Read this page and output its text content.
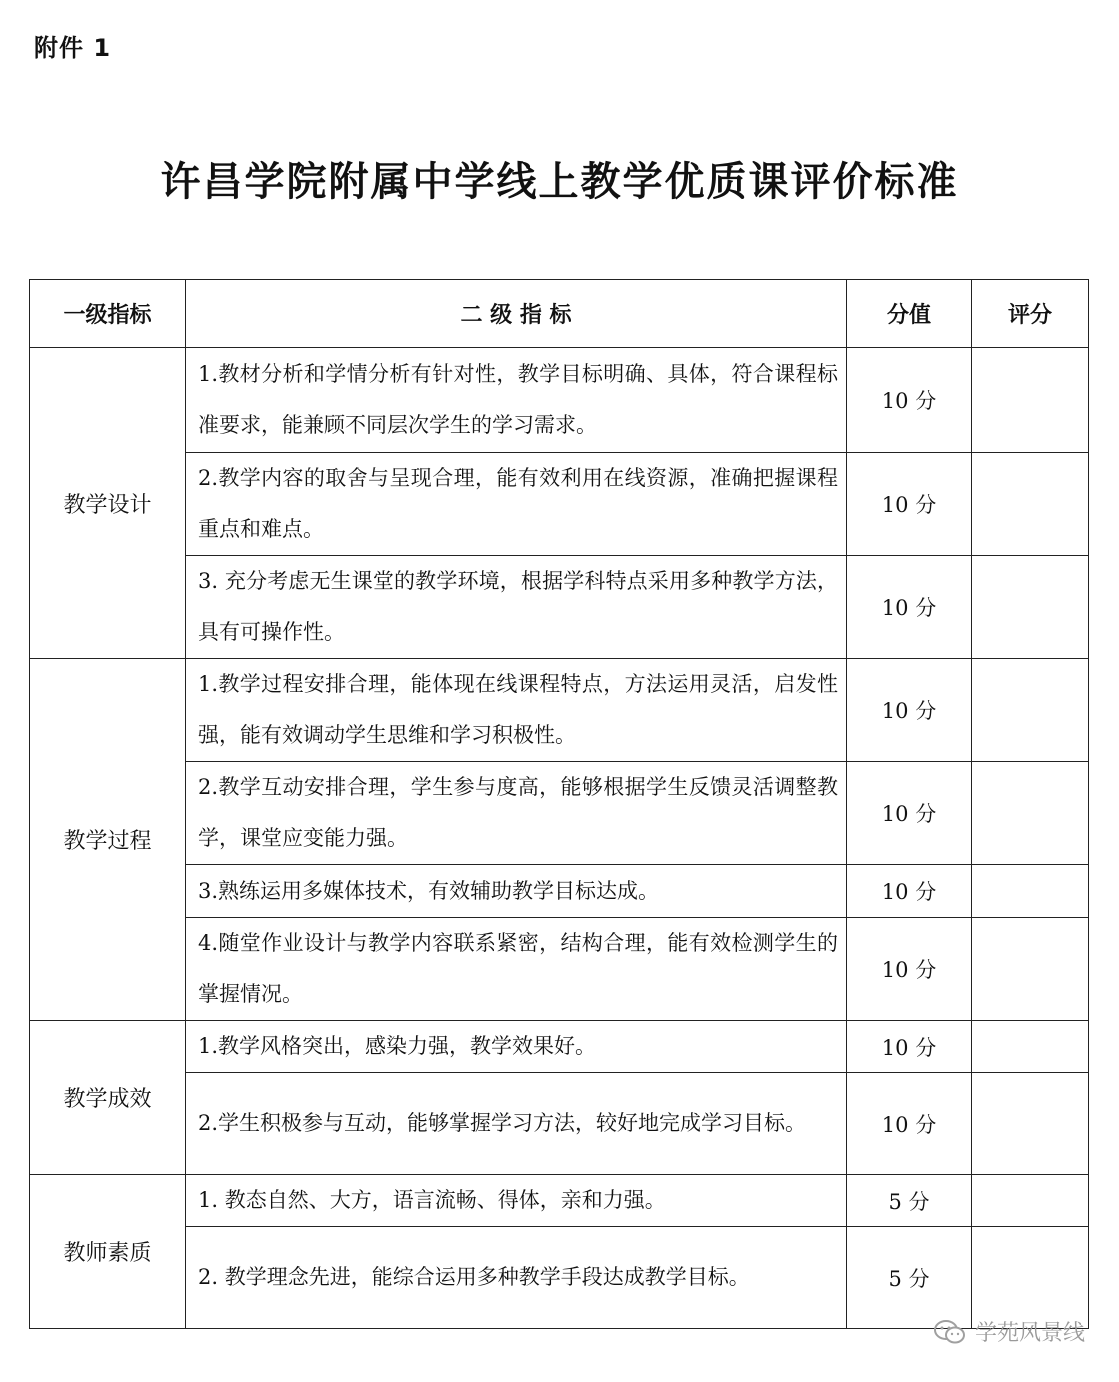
附件 1
许昌学院附属中学线上教学优质课评价标准
一级指标	二 级 指 标	分值	评分
教学设计	1.教材分析和学情分析有针对性，教学目标明确、具体，符合课程标准要求，能兼顾不同层次学生的学习需求。	10 分	
	2.教学内容的取舍与呈现合理，能有效利用在线资源，准确把握课程重点和难点。	10 分	
	3. 充分考虑无生课堂的教学环境，根据学科特点采用多种教学方法，具有可操作性。	10 分	
教学过程	1.教学过程安排合理，能体现在线课程特点，方法运用灵活，启发性强，能有效调动学生思维和学习积极性。	10 分	
	2.教学互动安排合理，学生参与度高，能够根据学生反馈灵活调整教学，课堂应变能力强。	10 分	
	3.熟练运用多媒体技术，有效辅助教学目标达成。	10 分	
	4.随堂作业设计与教学内容联系紧密，结构合理，能有效检测学生的掌握情况。	10 分	
教学成效	1.教学风格突出，感染力强，教学效果好。	10 分	
	2.学生积极参与互动，能够掌握学习方法，较好地完成学习目标。	10 分	
教师素质	1. 教态自然、大方，语言流畅、得体，亲和力强。	5 分	
	2. 教学理念先进，能综合运用多种教学手段达成教学目标。	5 分	
学苑风景线
